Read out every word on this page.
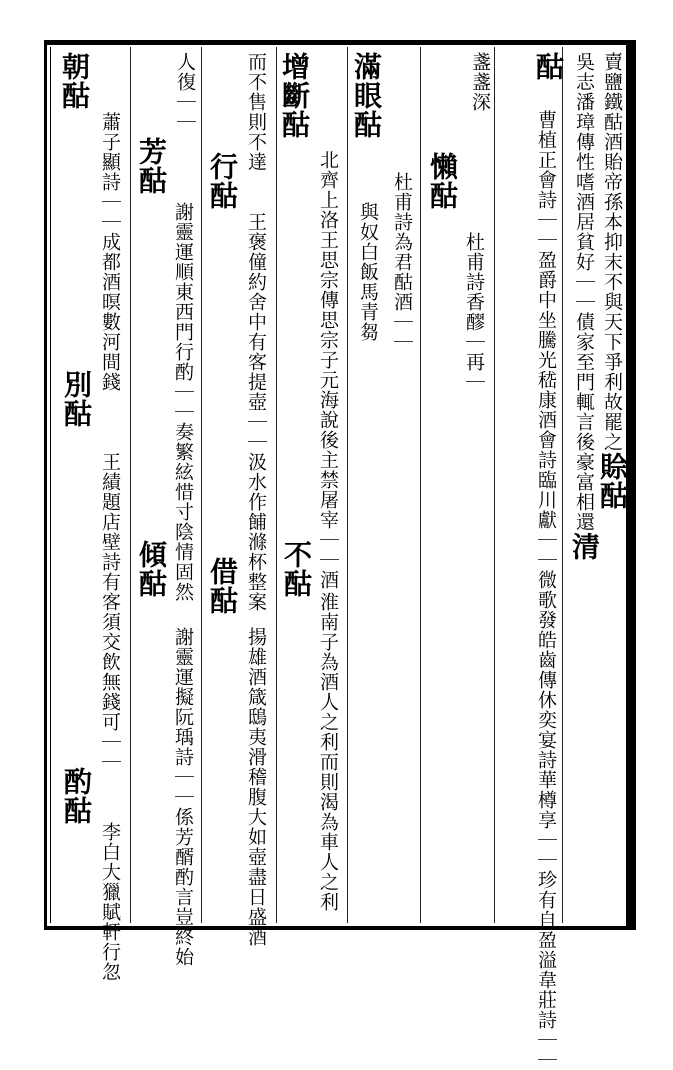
賣鹽鐵酤酒貽帝孫本抑末不與天下爭利故罷之賒酤
吳志潘璋傳性嗜酒居貧好｜｜債家至門輒言後豪富相還清
酤
曹植正會詩｜｜盈爵中坐騰光嵇康酒會詩臨川獻｜｜微歌發皓齒傳休奕宴詩華樽享｜｜珍有自盈溢韋莊詩｜｜
盞盞深
懶酤
杜甫詩香醪｜再｜
滿眼酤
杜甫詩為君酤酒｜｜
與奴白飯馬青芻
增斷酤
北齊上洛王思宗傳思宗子元海說後主禁屠宰｜｜酒
不酤
淮南子為酒人之利而則渴為車人之利
而不售則不達
行酤
王褒僮約舍中有客提壺｜｜汲水作餔滌杯整案
借酤
揚雄酒箴鴟夷滑稽腹大如壺盡日盛酒
人復｜｜
芳酤
謝靈運順東西門行酌｜｜奏繁絃惜寸陰情固然
傾酤
謝靈運擬阮瑀詩｜｜係芳醑酌言豈終始
朝酤
蕭子顯詩｜｜成都酒暝數河間錢
別酤
王績題店壁詩有客須交飲無錢可｜｜
酌酤
李白大獵賦軒行忽
